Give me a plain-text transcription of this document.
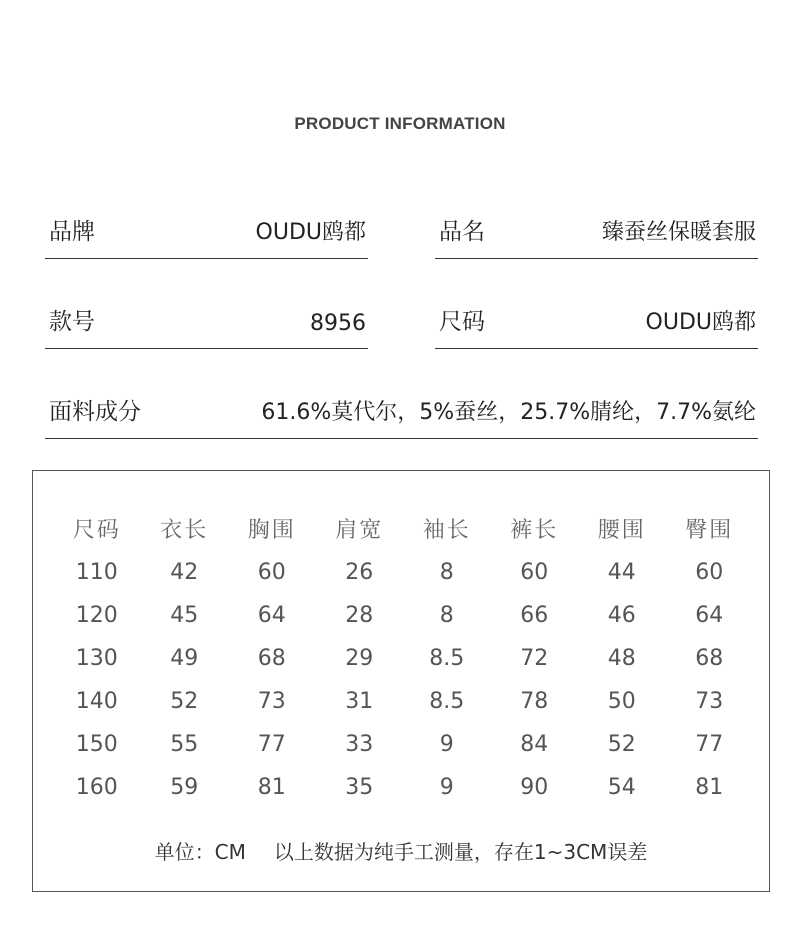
PRODUCT INFORMATION
品牌	OUDU鸥都	品名	臻蚕丝保暖套服
款号	8956	尺码	OUDU鸥都
面料成分	61.6%莫代尔，5%蚕丝，25.7%腈纶，7.7%氨纶
尺码	衣长	胸围	肩宽	袖长	裤长	腰围	臀围
110	42	60	26	8	60	44	60
120	45	64	28	8	66	46	64
130	49	68	29	8.5	72	48	68
140	52	73	31	8.5	78	50	73
150	55	77	33	9	84	52	77
160	59	81	35	9	90	54	81
单位：CM 以上数据为纯手工测量，存在1~3CM误差
